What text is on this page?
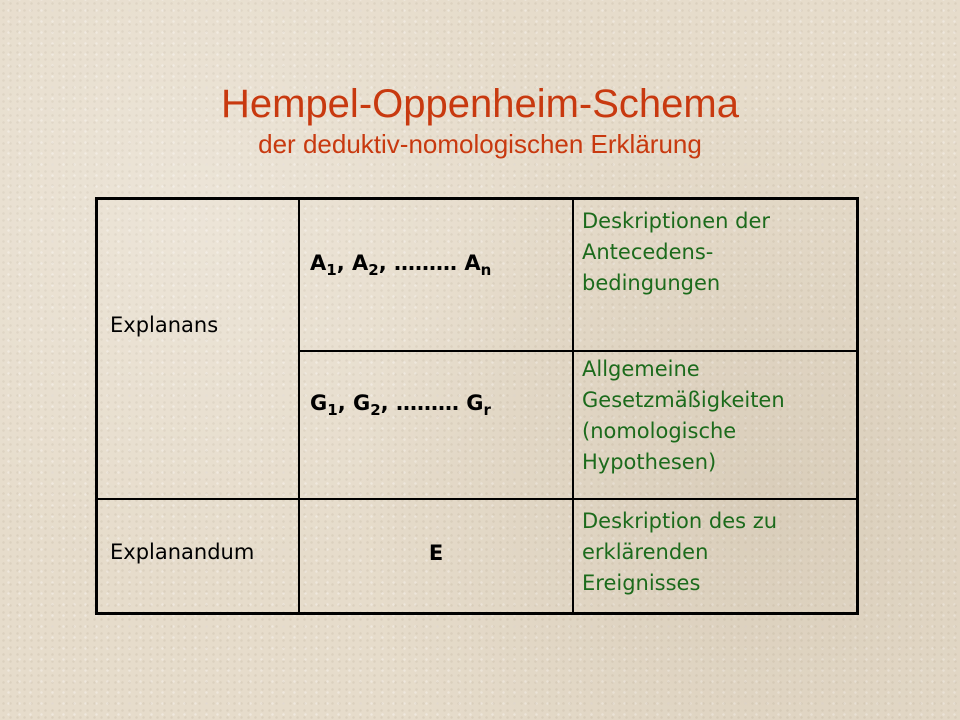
Hempel-Oppenheim-Schema
der deduktiv-nomologischen Erklärung
Explanans
Explanandum
$A_1$, $A_2$, ……… $A_n$
$G_1$, $G_2$, ……… $G_r$
E
Deskriptionen der
Antecedens-
bedingungen
Allgemeine
Gesetzmäßigkeiten
(nomologische
Hypothesen)
Deskription des zu
erklärenden
Ereignisses
